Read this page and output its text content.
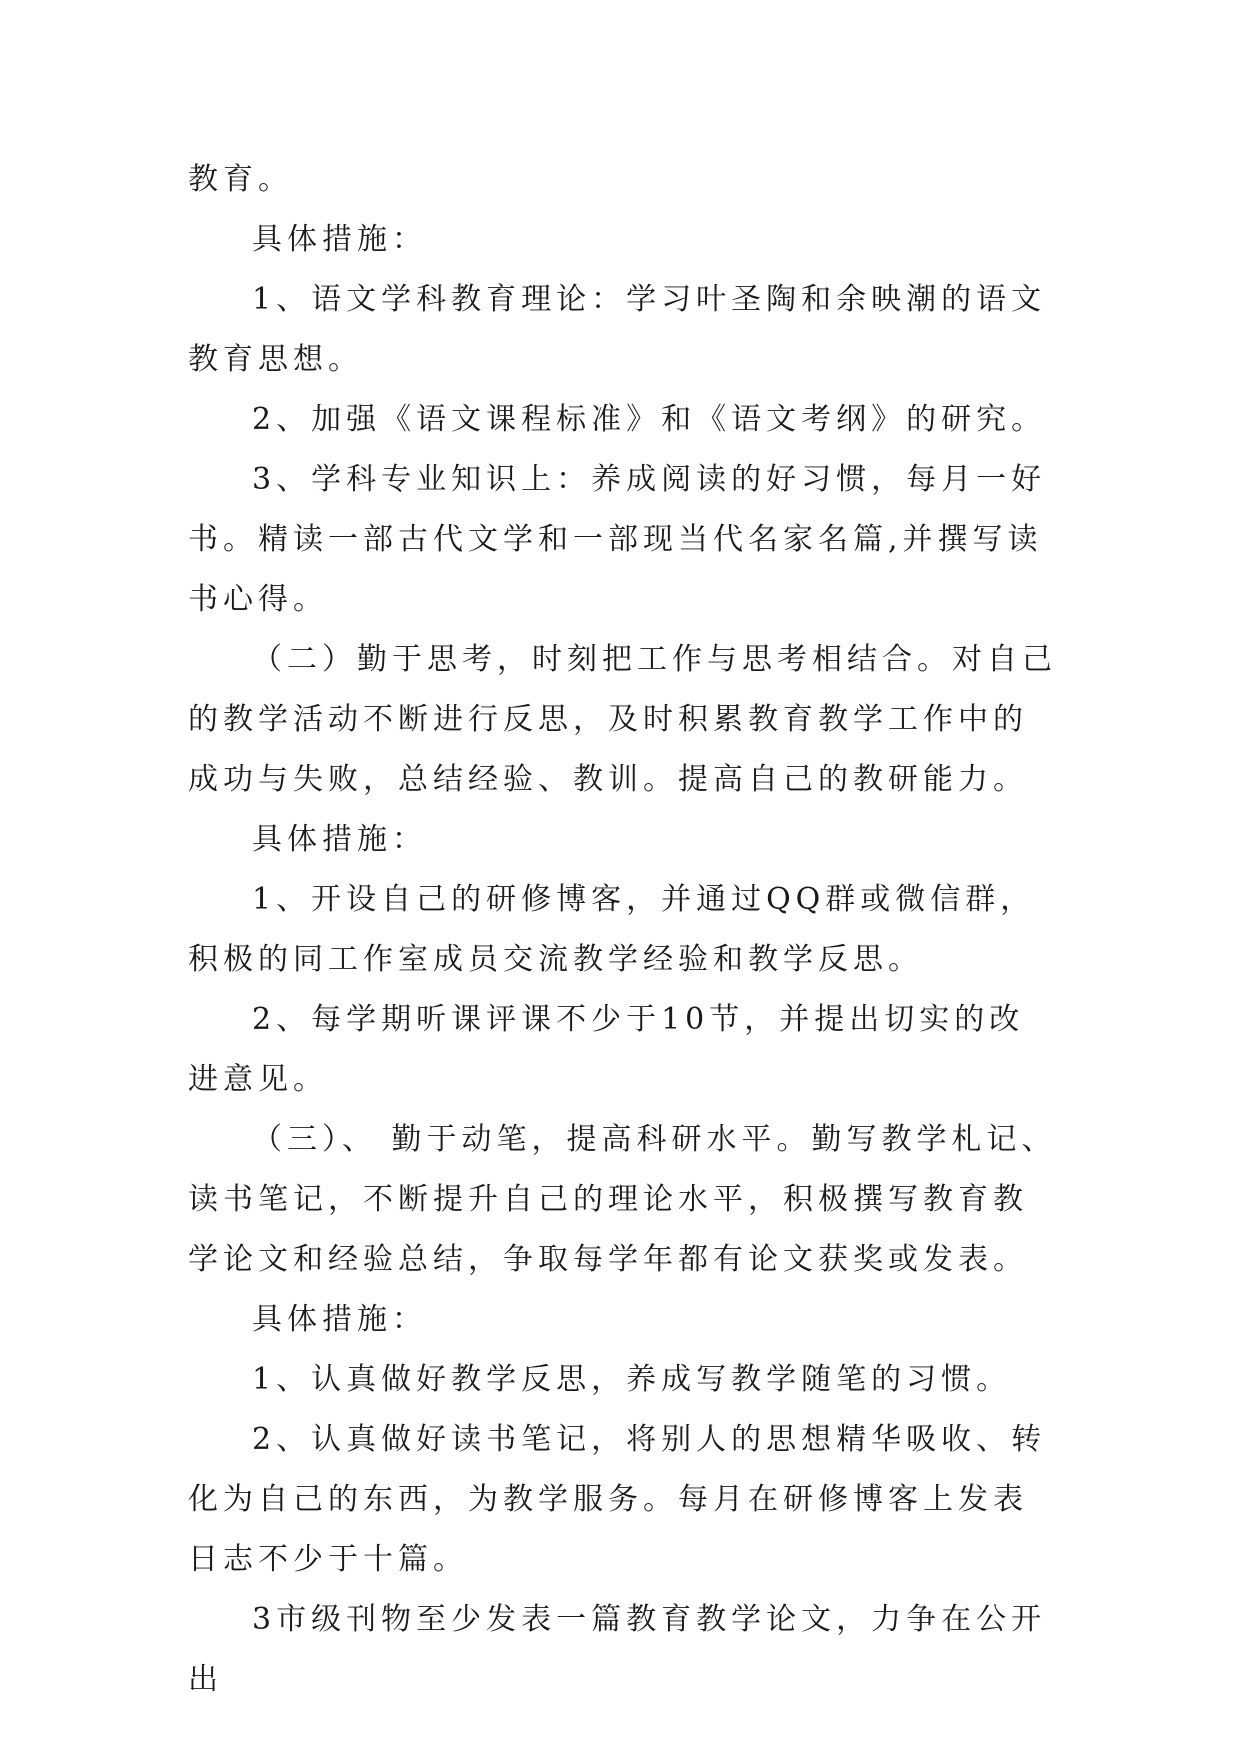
教育。

具体措施：

1、语文学科教育理论：学习叶圣陶和余映潮的语文教育思想。

2、加强《语文课程标准》和《语文考纲》的研究。

3、学科专业知识上：养成阅读的好习惯，每月一好书。精读一部古代文学和一部现当代名家名篇,并撰写读书心得。

（二）勤于思考，时刻把工作与思考相结合。对自己的教学活动不断进行反思，及时积累教育教学工作中的成功与失败，总结经验、教训。提高自己的教研能力。

具体措施：

1、开设自己的研修博客，并通过QQ群或微信群，积极的同工作室成员交流教学经验和教学反思。

2、每学期听课评课不少于10节，并提出切实的改进意见。

（三）、 勤于动笔，提高科研水平。勤写教学札记、读书笔记，不断提升自己的理论水平，积极撰写教育教学论文和经验总结，争取每学年都有论文获奖或发表。

具体措施：

1、认真做好教学反思，养成写教学随笔的习惯。

2、认真做好读书笔记，将别人的思想精华吸收、转化为自己的东西，为教学服务。每月在研修博客上发表日志不少于十篇。

3市级刊物至少发表一篇教育教学论文，力争在公开出
